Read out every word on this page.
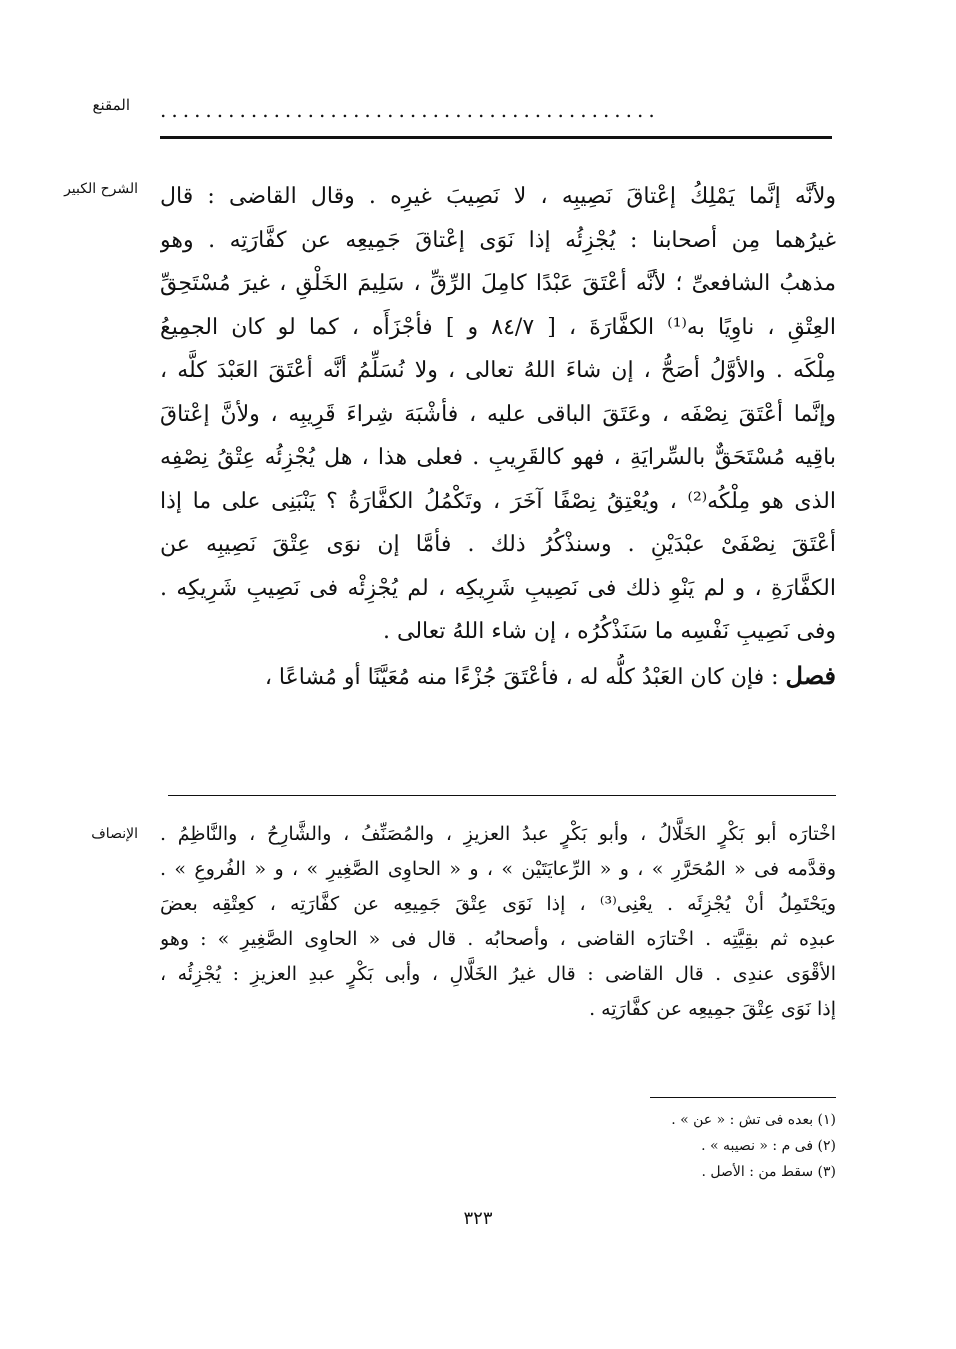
المقنع ............................................
الشرح الكبير ولأنَّه إنَّما يَمْلِكُ إعْتاقَ نَصِيبِه ، لا نَصِيبَ غيرِه . وقال القاضى : قال
غيرُهما مِن أصحابنا : يُجْزِئُه إذا نَوَى إعْتاقَ جَمِيعِه عن كفَّارَتِه . وهو
مذهبُ الشافعىِّ ؛ لأنَّه أعْتَقَ عَبْدًا كامِلَ الرِّقِّ ، سَلِيمَ الخَلْقِ ، غيرَ مُسْتَحِقِّ
العِتْقِ ، ناوِيًا به⁽¹⁾ الكفَّارَةَ ، [ ٨٤/٧ و ] فأجْزَأَه ، كما لو كان الجمِيعُ
مِلْكَه . والأوَّلُ أصَحُّ ، إن شاءَ اللهُ تعالى ، ولا نُسَلِّمُ أنَّه أعْتَقَ العَبْدَ كلَّه ،
وإنَّما أعْتَقَ نِصْفَه ، وعَتَقَ الباقى عليه ، فأشْبَهَ شِراءَ قَرِيبِه ، ولأنَّ إعْتاقَ
باقِيه مُسْتَحَقٌّ بالسِّرايَةِ ، فهو كالقَرِيبِ . فعلى هذا ، هل يُجْزِئُه عِتْقُ نِصْفِه
الذى هو مِلْكُه⁽²⁾ ، ويُعْتِقُ نِصْفًا آخَرَ ، وتَكْمُلُ الكفَّارَةُ ؟ يَنْبَنِى على ما إذا
أعْتَقَ نِصْفَىْ عبْدَيْنِ . وسنذْكُرُ ذلك . فأمَّا إن نوَى عِتْقَ نَصِيبِه عن
الكفَّارَةِ ، و لم يَنْوِ ذلك فى نَصِيبِ شَرِيكِه ، لم يُجْزِئْه فى نَصِيبِ شَرِيكِه .
وفى نَصِيبِ نَفْسِه ما سَنَذْكُرُه ، إن شاء اللهُ تعالى .
فصل : فإن كان العَبْدُ كلُّه له ، فأعْتَقَ جُزْءًا منه مُعَيَّنًا أو مُشاعًا ،
الإنصاف اخْتارَه أبو بَكْرٍ الخَلَّالُ ، وأبو بَكْرٍ عبدُ العزيزِ ، والمُصَنِّفُ ، والشَّارِحُ ، والنَّاظِمُ .
وقدَّمه فى « المُحَرَّرِ » ، و « الرِّعايَتَيْن » ، و « الحاوِى الصَّغِيرِ » ، و « الفُروعِ » .
ويَحْتَمِلُ أنْ يُجْزِئَه . يعْنِى⁽³⁾ ، إذا نَوَى عِتْقَ جَمِيعِه عن كفَّارَتِه ، كعِتْقِه بعضَ
عبدِه ثم بقِيَّتِه . اخْتارَه القاضى ، وأصحابُه . قال فى « الحاوِى الصَّغِيرِ » : وهو
الأقْوَى عندِى . قال القاضى : قال غيرُ الخَلَّالِ ، وأبى بَكْرٍ عبدِ العزيزِ : يُجْزِئُه ،
إذا نَوَى عِتْقَ جمِيعِه عن كفَّارَتِه .
(١) بعده فى تش : « عن » .
(٢) فى م : « نصيبه » .
(٣) سقط من : الأصل .
٣٢٣
